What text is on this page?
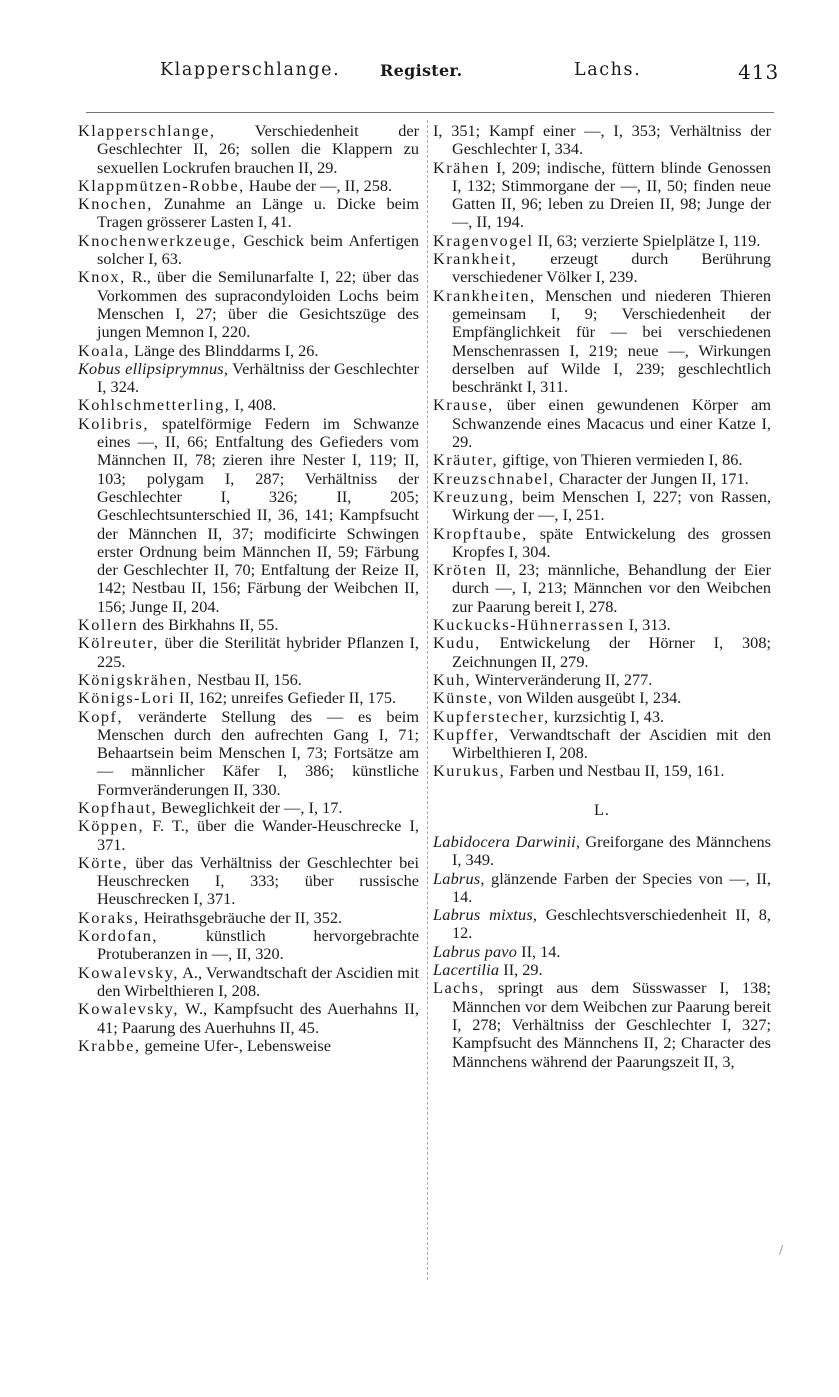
Klapperschlange. Register.	Lachs.	413

Klapperschlange, Verschiedenheit der Geschlechter II, 26; sollen die Klappern zu sexuellen Lockrufen brauchen II, 29.

Klappmützen-Robbe, Haube der —, II, 258.

Knochen, Zunahme an Länge u. Dicke beim Tragen grösserer Lasten I, 41.

Knochenwerkzeuge, Geschick beim Anfertigen solcher I, 63.

Knox, R., über die Semilunarfalte I, 22; über das Vorkommen des supracondyloiden Lochs beim Menschen I, 27; über die Gesichtszüge des jungen Memnon I, 220.

Koala, Länge des Blinddarms I, 26.

Kobus ellipsiprymnus, Verhältniss der Geschlechter I, 324.

Kohlschmetterling, I, 408.

Kolibris, spatelförmige Federn im Schwanze eines —, II, 66; Entfaltung des Gefieders vom Männchen II, 78; zieren ihre Nester I, 119; II, 103; polygam I, 287; Verhältniss der Geschlechter I, 326; II, 205; Geschlechtsunterschied II, 36, 141; Kampfsucht der Männchen II, 37; modificirte Schwingen erster Ordnung beim Männchen II, 59; Färbung der Geschlechter II, 70; Entfaltung der Reize II, 142; Nestbau II, 156; Färbung der Weibchen II, 156; Junge II, 204.

Kollern des Birkhahns II, 55.

Kölreuter, über die Sterilität hybrider Pflanzen I, 225.

Königskrähen, Nestbau II, 156.

Königs-Lori II, 162; unreifes Gefieder II, 175.

Kopf, veränderte Stellung des — es beim Menschen durch den aufrechten Gang I, 71; Behaartsein beim Menschen I, 73; Fortsätze am — männlicher Käfer I, 386; künstliche Formveränderungen II, 330.

Kopfhaut, Beweglichkeit der —, I, 17.

Köppen, F. T., über die Wander-Heuschrecke I, 371.

Körte, über das Verhältniss der Geschlechter bei Heuschrecken I, 333; über russische Heuschrecken I, 371.

Koraks, Heirathsgebräuche der II, 352.

Kordofan, künstlich hervorgebrachte Protuberanzen in —, II, 320.

Kowalevsky, A., Verwandtschaft der Ascidien mit den Wirbelthieren I, 208.

Kowalevsky, W., Kampfsucht des Auerhahns II, 41; Paarung des Auerhuhns II, 45.

Krabbe, gemeine Ufer-, Lebensweise

I, 351; Kampf einer —, I, 353; Verhältniss der Geschlechter I, 334.

Krähen I, 209; indische, füttern blinde Genossen I, 132; Stimmorgane der —, II, 50; finden neue Gatten II, 96; leben zu Dreien II, 98; Junge der —, II, 194.

Kragenvogel II, 63; verzierte Spielplätze I, 119.

Krankheit, erzeugt durch Berührung verschiedener Völker I, 239.

Krankheiten, Menschen und niederen Thieren gemeinsam I, 9; Verschiedenheit der Empfänglichkeit für — bei verschiedenen Menschenrassen I, 219; neue —, Wirkungen derselben auf Wilde I, 239; geschlechtlich beschränkt I, 311.

Krause, über einen gewundenen Körper am Schwanzende eines Macacus und einer Katze I, 29.

Kräuter, giftige, von Thieren vermieden I, 86.

Kreuzschnabel, Character der Jungen II, 171.

Kreuzung, beim Menschen I, 227; von Rassen, Wirkung der —, I, 251.

Kropftaube, späte Entwickelung des grossen Kropfes I, 304.

Kröten II, 23; männliche, Behandlung der Eier durch —, I, 213; Männchen vor den Weibchen zur Paarung bereit I, 278.

Kuckucks-Hühnerrassen I, 313.

Kudu, Entwickelung der Hörner I, 308; Zeichnungen II, 279.

Kuh, Winterveränderung II, 277.

Künste, von Wilden ausgeübt I, 234.

Kupferstecher, kurzsichtig I, 43.

Kupffer, Verwandtschaft der Ascidien mit den Wirbelthieren I, 208.

Kurukus, Farben und Nestbau II, 159, 161.

L.

Labidocera Darwinii, Greiforgane des Männchens I, 349.

Labrus, glänzende Farben der Species von —, II, 14.

Labrus mixtus, Geschlechtsverschiedenheit II, 8, 12.

Labrus pavo II, 14.

Lacertilia II, 29.

Lachs, springt aus dem Süsswasser I, 138; Männchen vor dem Weibchen zur Paarung bereit I, 278; Verhältniss der Geschlechter I, 327; Kampfsucht des Männchens II, 2; Character des Männchens während der Paarungszeit II, 3,

/
